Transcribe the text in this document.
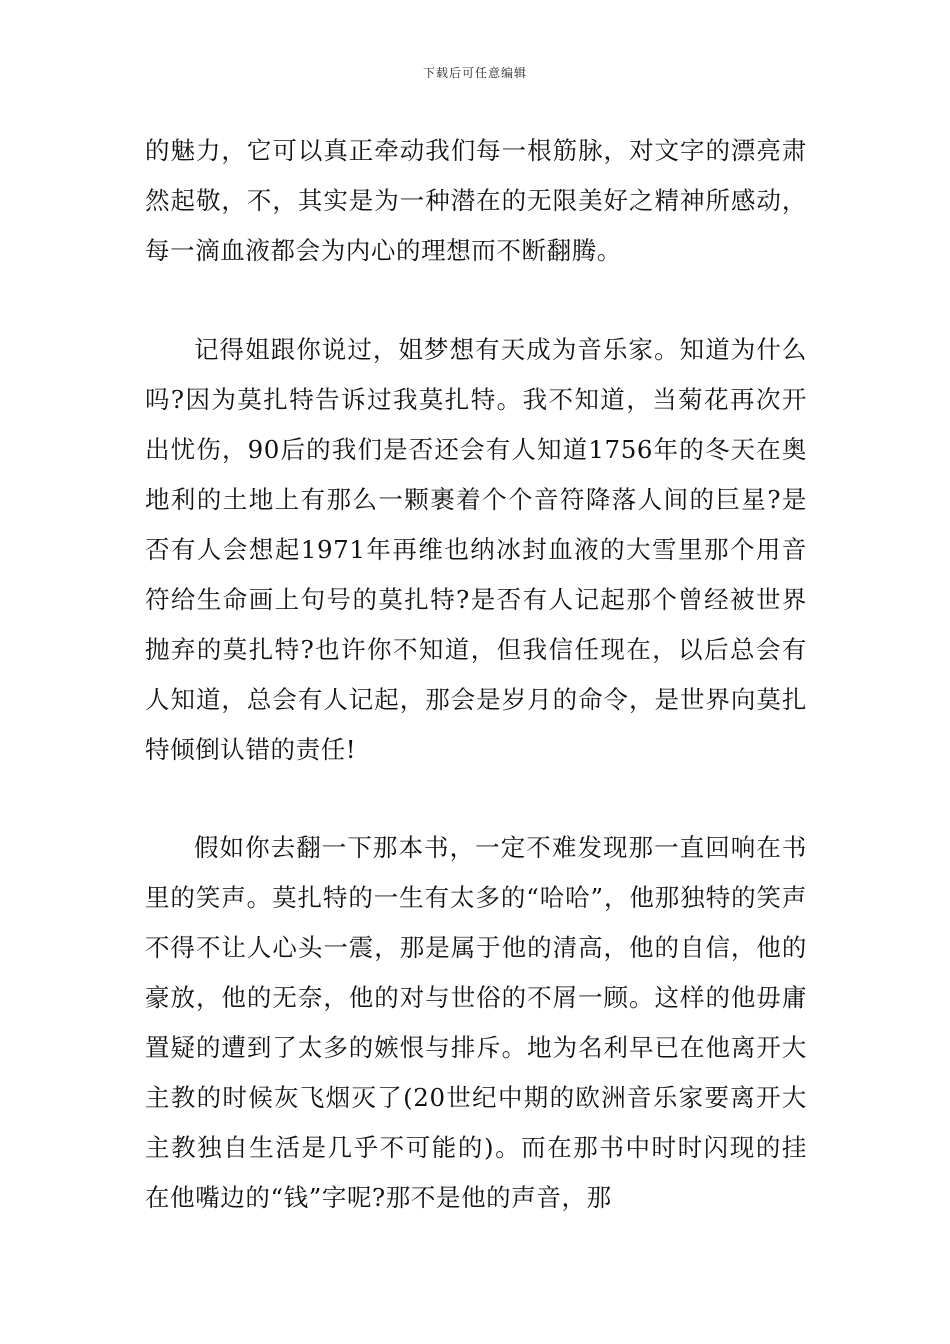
下载后可任意编辑

的魅力，它可以真正牵动我们每一根筋脉，对文字的漂亮肃然起敬，不，其实是为一种潜在的无限美好之精神所感动，每一滴血液都会为内心的理想而不断翻腾。

记得姐跟你说过，姐梦想有天成为音乐家。知道为什么吗?因为莫扎特告诉过我莫扎特。我不知道，当菊花再次开出忧伤，90后的我们是否还会有人知道1756年的冬天在奥地利的土地上有那么一颗裹着个个音符降落人间的巨星?是否有人会想起1971年再维也纳冰封血液的大雪里那个用音符给生命画上句号的莫扎特?是否有人记起那个曾经被世界抛弃的莫扎特?也许你不知道，但我信任现在，以后总会有人知道，总会有人记起，那会是岁月的命令，是世界向莫扎特倾倒认错的责任!

假如你去翻一下那本书，一定不难发现那一直回响在书里的笑声。莫扎特的一生有太多的“哈哈”，他那独特的笑声不得不让人心头一震，那是属于他的清高，他的自信，他的豪放，他的无奈，他的对与世俗的不屑一顾。这样的他毋庸置疑的遭到了太多的嫉恨与排斥。地为名利早已在他离开大主教的时候灰飞烟灭了(20世纪中期的欧洲音乐家要离开大主教独自生活是几乎不可能的)。而在那书中时时闪现的挂在他嘴边的“钱”字呢?那不是他的声音，那
